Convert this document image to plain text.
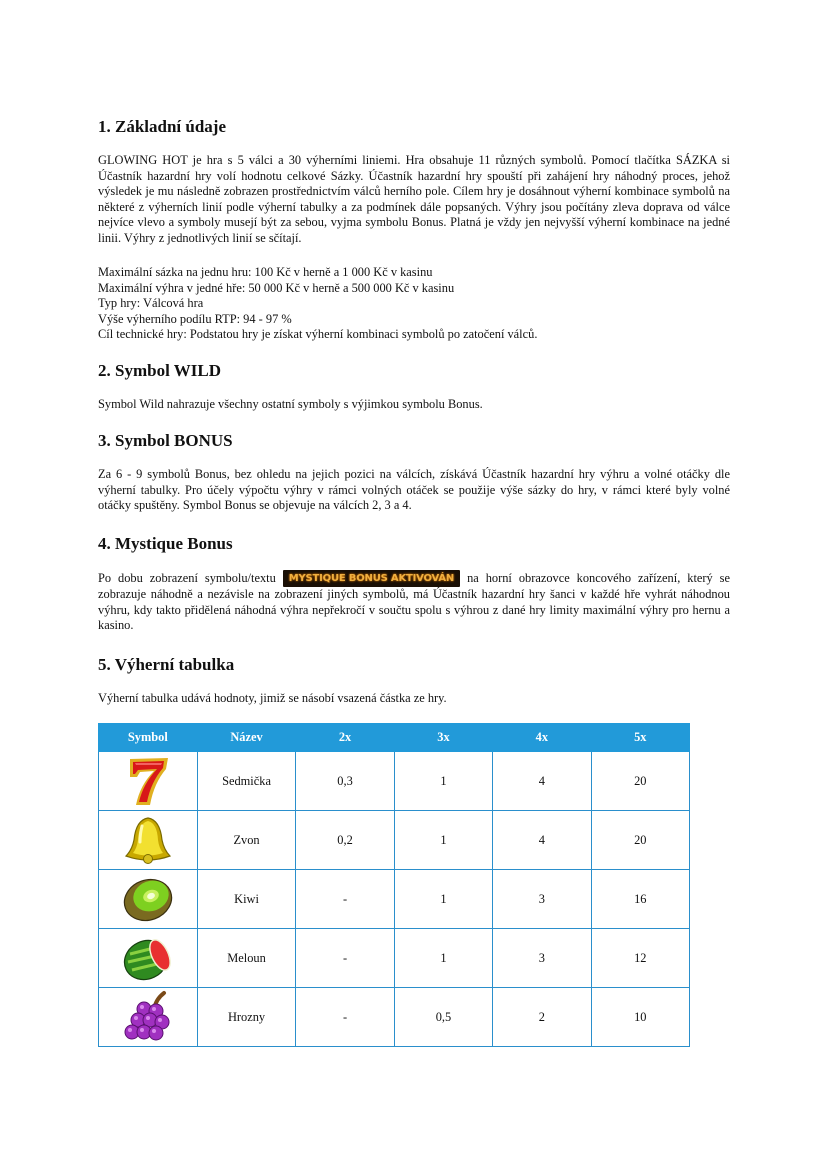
1. Základní údaje

GLOWING HOT je hra s 5 válci a 30 výherními liniemi. Hra obsahuje 11 různých symbolů. Pomocí tlačítka SÁZKA si Účastník hazardní hry volí hodnotu celkové Sázky. Účastník hazardní hry spouští při zahájení hry náhodný proces, jehož výsledek je mu následně zobrazen prostřednictvím válců herního pole. Cílem hry je dosáhnout výherní kombinace symbolů na některé z výherních linií podle výherní tabulky a za podmínek dále popsaných. Výhry jsou počítány zleva doprava od válce nejvíce vlevo a symboly musejí být za sebou, vyjma symbolu Bonus. Platná je vždy jen nejvyšší výherní kombinace na jedné linii. Výhry z jednotlivých linií se sčítají.

Maximální sázka na jednu hru: 100 Kč v herně a 1 000 Kč v kasinu
Maximální výhra v jedné hře: 50 000 Kč v herně a 500 000 Kč v kasinu
Typ hry: Válcová hra
Výše výherního podílu RTP: 94 - 97 %
Cíl technické hry: Podstatou hry je získat výherní kombinaci symbolů po zatočení válců.
2. Symbol WILD

Symbol Wild nahrazuje všechny ostatní symboly s výjimkou symbolu Bonus.

3. Symbol BONUS

Za 6 - 9 symbolů Bonus, bez ohledu na jejich pozici na válcích, získává Účastník hazardní hry výhru a volné otáčky dle výherní tabulky. Pro účely výpočtu výhry v rámci volných otáček se použije výše sázky do hry, v rámci které byly volné otáčky spuštěny. Symbol Bonus se objevuje na válcích 2, 3 a 4.

4. Mystique Bonus

Po dobu zobrazení symbolu/textu MYSTIQUE BONUS AKTIVOVÁN na horní obrazovce koncového zařízení, který se zobrazuje náhodně a nezávisle na zobrazení jiných symbolů, má Účastník hazardní hry šanci v každé hře vyhrát náhodnou výhru, kdy takto přidělená náhodná výhra nepřekročí v součtu spolu s výhrou z dané hry limity maximální výhry pro hernu a kasino.

5. Výherní tabulka

Výherní tabulka udává hodnoty, jimiž se násobí vsazená částka ze hry.

Symbol	Název	2x	3x	4x	5x

	Sedmička	0,3	1	4	20

	Zvon	0,2	1	4	20

	Kiwi	-	1	3	16

	Meloun	-	1	3	12

	Hrozny	-	0,5	2	10
